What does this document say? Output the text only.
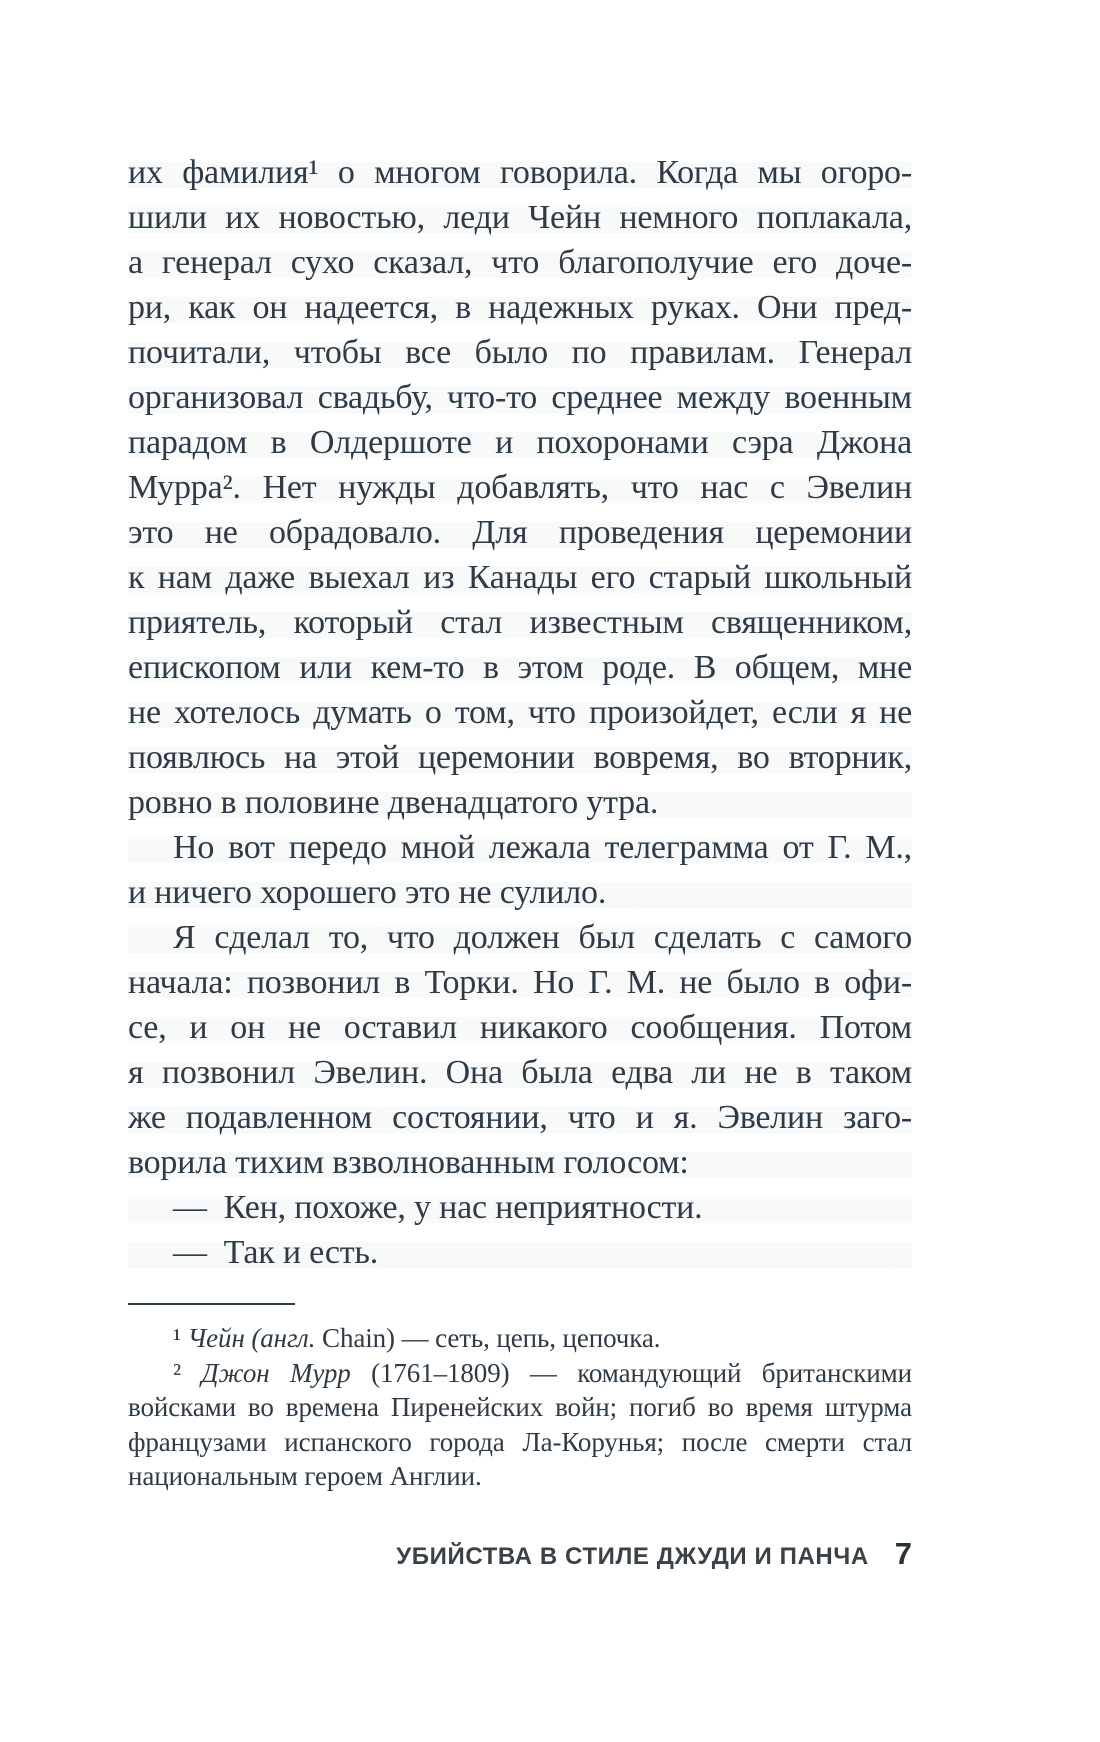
их фамилия¹ о многом говорила. Когда мы огоро-
шили их новостью, леди Чейн немного поплакала,
а генерал сухо сказал, что благополучие его доче-
ри, как он надеется, в надежных руках. Они пред-
почитали, чтобы все было по правилам. Генерал
организовал свадьбу, что-то среднее между военным
парадом в Олдершоте и похоронами сэра Джона
Мурра². Нет нужды добавлять, что нас с Эвелин
это не обрадовало. Для проведения церемонии
к нам даже выехал из Канады его старый школьный
приятель, который стал известным священником,
епископом или кем-то в этом роде. В общем, мне
не хотелось думать о том, что произойдет, если я не
появлюсь на этой церемонии вовремя, во вторник,
ровно в половине двенадцатого утра.
Но вот передо мной лежала телеграмма от Г. М.,
и ничего хорошего это не сулило.
Я сделал то, что должен был сделать с самого
начала: позвонил в Торки. Но Г. М. не было в офи-
се, и он не оставил никакого сообщения. Потом
я позвонил Эвелин. Она была едва ли не в таком
же подавленном состоянии, что и я. Эвелин заго-
ворила тихим взволнованным голосом:
— Кен, похоже, у нас неприятности.
— Так и есть.
¹ Чейн (англ. Chain) — сеть, цепь, цепочка.
² Джон Мурр (1761–1809) — командующий британскими
войсками во времена Пиренейских войн; погиб во время штурма
французами испанского города Ла-Корунья; после смерти стал
национальным героем Англии.
УБИЙСТВА В СТИЛЕ ДЖУДИ И ПАНЧА 7
